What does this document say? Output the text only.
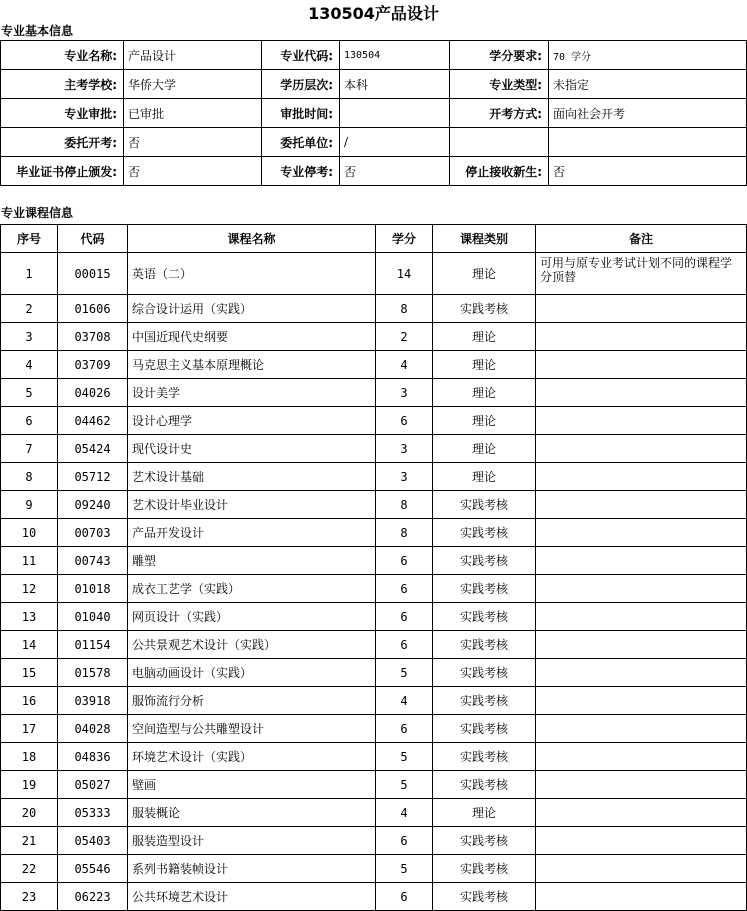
130504产品设计
专业基本信息
专业名称:	产品设计	专业代码:	130504	学分要求:	70 学分
主考学校:	华侨大学	学历层次:	本科	专业类型:	未指定
专业审批:	已审批	审批时间:		开考方式:	面向社会开考
委托开考:	否	委托单位:	/		
毕业证书停止颁发:	否	专业停考:	否	停止接收新生:	否
专业课程信息
序号	代码	课程名称	学分	课程类别	备注
1	00015	英语（二）	14	理论	可用与原专业考试计划不同的课程学分顶替
2	01606	综合设计运用（实践）	8	实践考核	
3	03708	中国近现代史纲要	2	理论	
4	03709	马克思主义基本原理概论	4	理论	
5	04026	设计美学	3	理论	
6	04462	设计心理学	6	理论	
7	05424	现代设计史	3	理论	
8	05712	艺术设计基础	3	理论	
9	09240	艺术设计毕业设计	8	实践考核	
10	00703	产品开发设计	8	实践考核	
11	00743	雕塑	6	实践考核	
12	01018	成衣工艺学（实践）	6	实践考核	
13	01040	网页设计（实践）	6	实践考核	
14	01154	公共景观艺术设计（实践）	6	实践考核	
15	01578	电脑动画设计（实践）	5	实践考核	
16	03918	服饰流行分析	4	实践考核	
17	04028	空间造型与公共雕塑设计	6	实践考核	
18	04836	环境艺术设计（实践）	5	实践考核	
19	05027	壁画	5	实践考核	
20	05333	服装概论	4	理论	
21	05403	服装造型设计	6	实践考核	
22	05546	系列书籍装帧设计	5	实践考核	
23	06223	公共环境艺术设计	6	实践考核	
